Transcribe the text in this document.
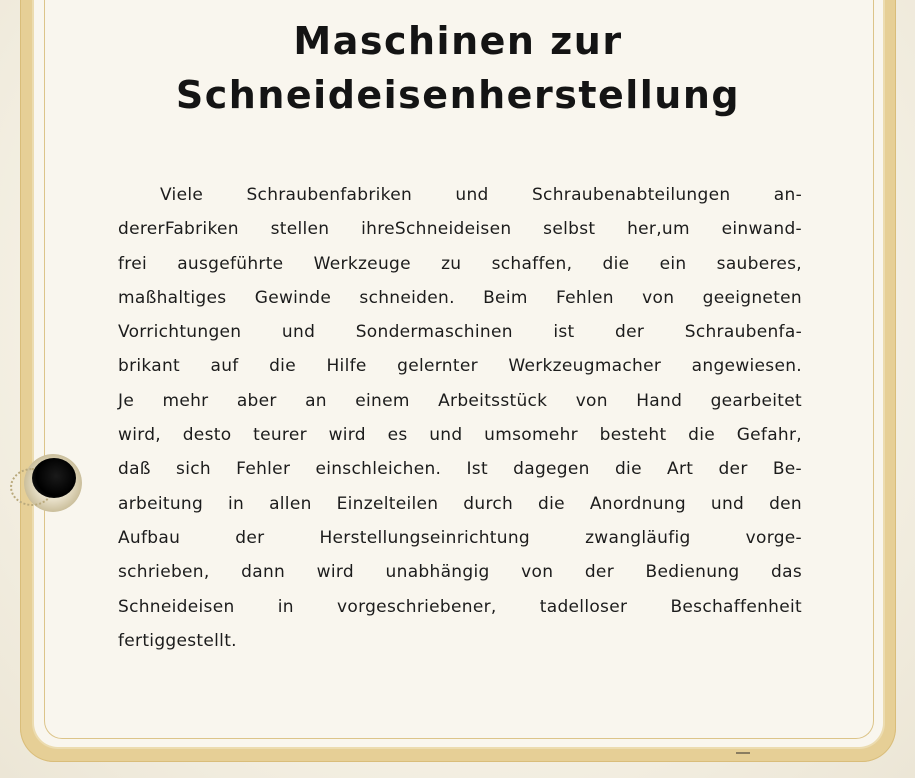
Maschinen zur
Schneideisenherstellung

Viele Schraubenfabriken und Schraubenabteilungen an-
dererFabriken stellen ihreSchneideisen selbst her,um einwand-
frei ausgeführte Werkzeuge zu schaffen, die ein sauberes,
maßhaltiges Gewinde schneiden. Beim Fehlen von geeigneten
Vorrichtungen und Sondermaschinen ist der Schraubenfa-
brikant auf die Hilfe gelernter Werkzeugmacher angewiesen.
Je mehr aber an einem Arbeitsstück von Hand gearbeitet
wird, desto teurer wird es und umsomehr besteht die Gefahr,
daß sich Fehler einschleichen. Ist dagegen die Art der Be-
arbeitung in allen Einzelteilen durch die Anordnung und den
Aufbau der Herstellungseinrichtung zwangläufig vorge-
schrieben, dann wird unabhängig von der Bedienung das
Schneideisen in vorgeschriebener, tadelloser Beschaffenheit
fertiggestellt.
